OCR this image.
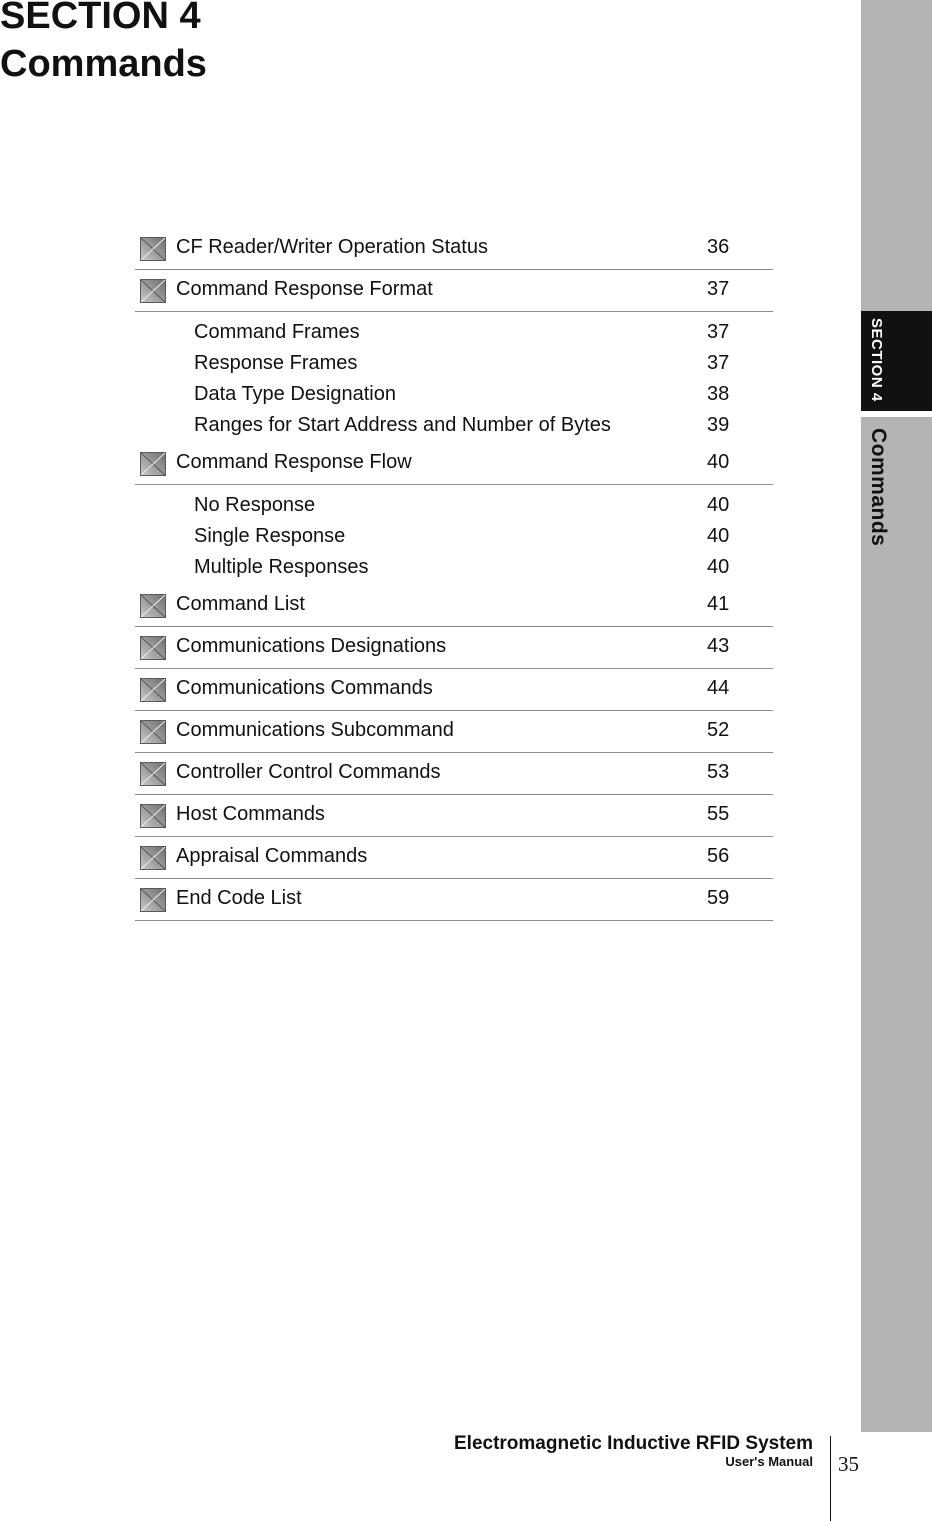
SECTION 4
Commands
SECTION 4
Commands
CF Reader/Writer Operation Status	36
Command Response Format	37
Command Frames	37
Response Frames	37
Data Type Designation	38
Ranges for Start Address and Number of Bytes	39
Command Response Flow	40
No Response	40
Single Response	40
Multiple Responses	40
Command List	41
Communications Designations	43
Communications Commands	44
Communications Subcommand	52
Controller Control Commands	53
Host Commands	55
Appraisal Commands	56
End Code List	59
Electromagnetic Inductive RFID System
User's Manual 35
